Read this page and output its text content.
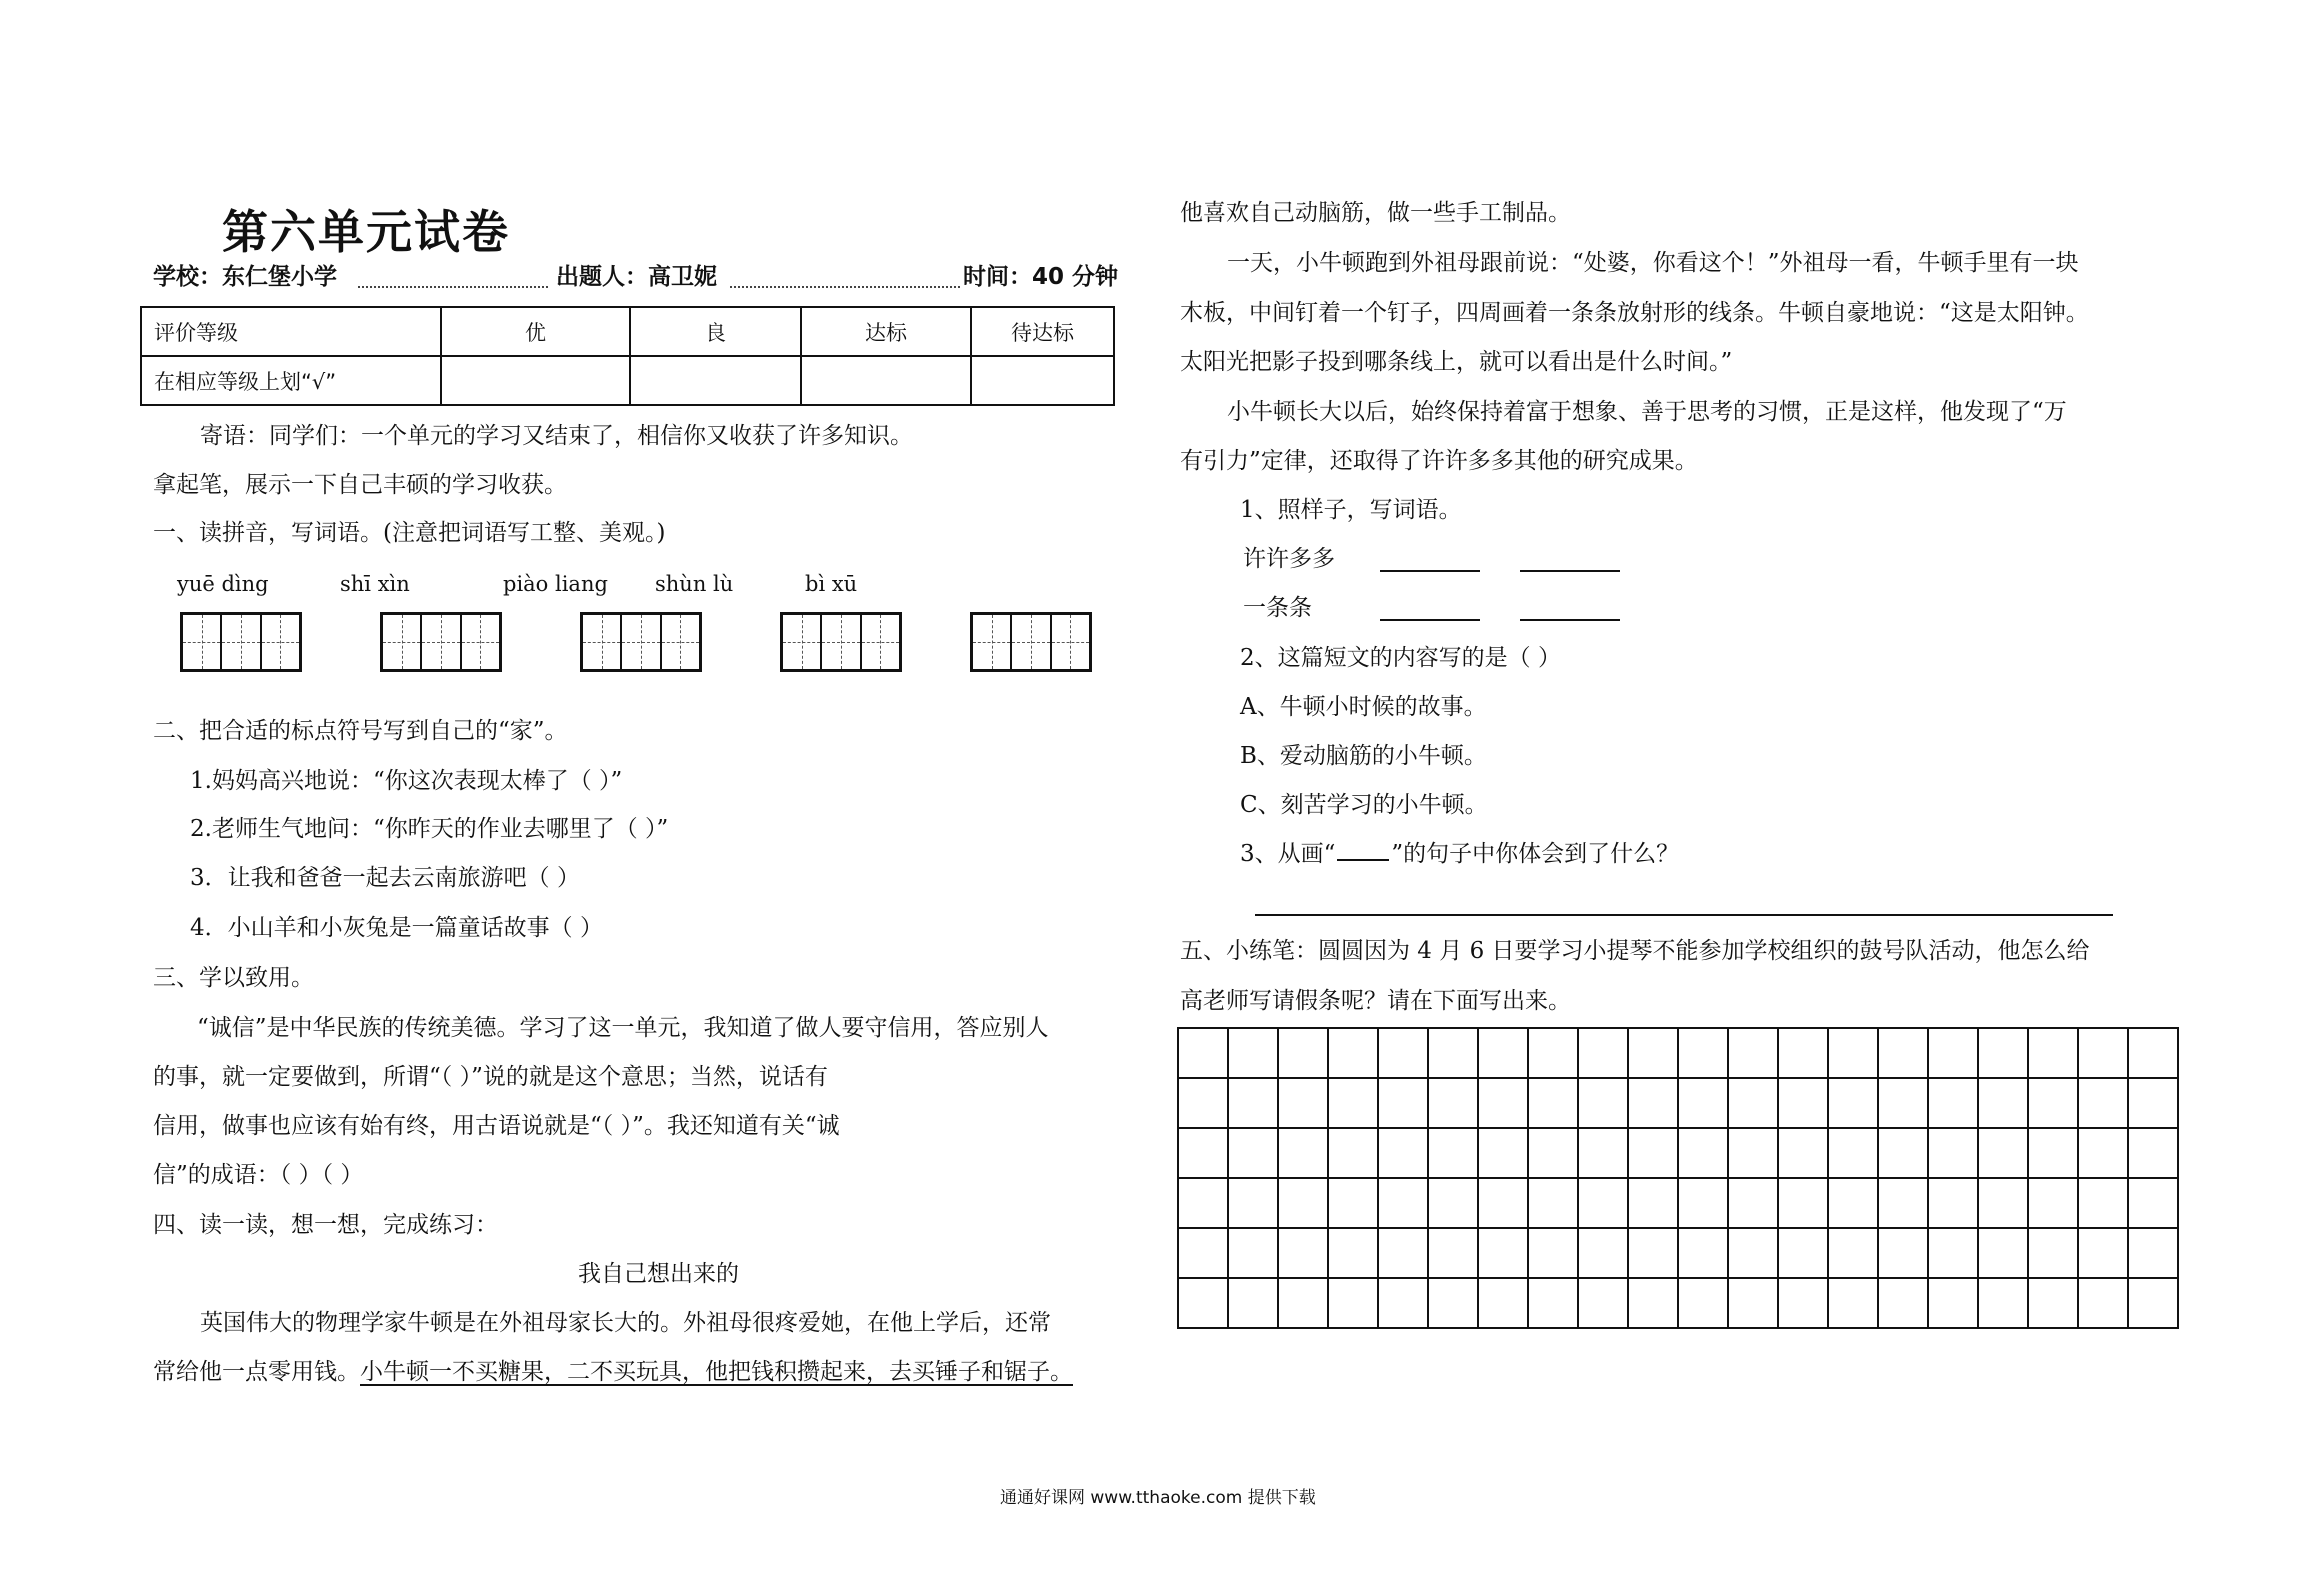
第六单元试卷
学校：东仁堡小学	出题人：高卫妮	时间：40 分钟
评价等级	优	良	达标	待达标
在相应等级上划“√”				
寄语：同学们：一个单元的学习又结束了，相信你又收获了许多知识。
拿起笔，展示一下自己丰硕的学习收获。
一、读拼音，写词语。(注意把词语写工整、美观。)
yuē dìng	shī xìn	piào liang shùn lù	bì xū
二、把合适的标点符号写到自己的“家”。
1.妈妈高兴地说：“你这次表现太棒了（ ）”
2.老师生气地问：“你昨天的作业去哪里了（ ）”
3．让我和爸爸一起去云南旅游吧（ ）
4．小山羊和小灰兔是一篇童话故事（ ）
三、学以致用。
“诚信”是中华民族的传统美德。学习了这一单元，我知道了做人要守信用，答应别人
的事，就一定要做到，所谓“（ ）”说的就是这个意思；当然，说话有
信用，做事也应该有始有终，用古语说就是“（ ）”。我还知道有关“诚
信”的成语：（ ）（ ）
四、读一读，想一想，完成练习：
我自己想出来的
英国伟大的物理学家牛顿是在外祖母家长大的。外祖母很疼爱她，在他上学后，还常
常给他一点零用钱。小牛顿一不买糖果，二不买玩具，他把钱积攒起来，去买锤子和锯子。
他喜欢自己动脑筋，做一些手工制品。
一天，小牛顿跑到外祖母跟前说：“处婆，你看这个！”外祖母一看，牛顿手里有一块
木板，中间钉着一个钉子，四周画着一条条放射形的线条。牛顿自豪地说：“这是太阳钟。
太阳光把影子投到哪条线上，就可以看出是什么时间。”
小牛顿长大以后，始终保持着富于想象、善于思考的习惯，正是这样，他发现了“万
有引力”定律，还取得了许许多多其他的研究成果。
1、照样子，写词语。
许许多多
一条条
2、这篇短文的内容写的是（ ）
A、牛顿小时候的故事。
B、爱动脑筋的小牛顿。
C、刻苦学习的小牛顿。
3、从画“ ”的句子中你体会到了什么？
五、小练笔：圆圆因为 4 月 6 日要学习小提琴不能参加学校组织的鼓号队活动，他怎么给
高老师写请假条呢？请在下面写出来。

通通好课网 www.tthaoke.com 提供下载
